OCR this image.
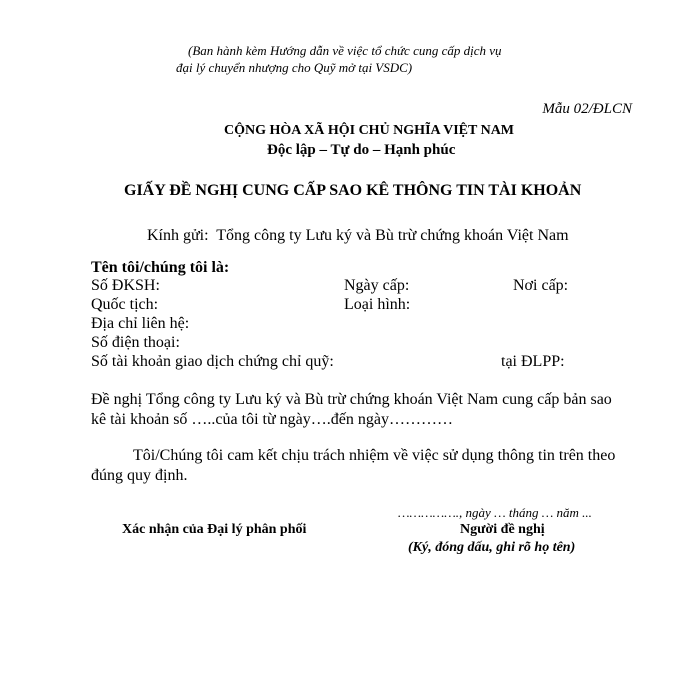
(Ban hành kèm Hướng dẫn về việc tổ chức cung cấp dịch vụ
đại lý chuyển nhượng cho Quỹ mở tại VSDC)
Mẫu 02/ĐLCN
CỘNG HÒA XÃ HỘI CHỦ NGHĨA VIỆT NAM
Độc lập – Tự do – Hạnh phúc
GIẤY ĐỀ NGHỊ CUNG CẤP SAO KÊ THÔNG TIN TÀI KHOẢN
Kính gửi: Tổng công ty Lưu ký và Bù trừ chứng khoán Việt Nam
Tên tôi/chúng tôi là:
Số ĐKSH:	Ngày cấp:	Nơi cấp:
Quốc tịch:	Loại hình:
Địa chỉ liên hệ:
Số điện thoại:
Số tài khoản giao dịch chứng chỉ quỹ:	tại ĐLPP:
Đề nghị Tổng công ty Lưu ký và Bù trừ chứng khoán Việt Nam cung cấp bản sao
kê tài khoản số …..của tôi từ ngày….đến ngày…………
Tôi/Chúng tôi cam kết chịu trách nhiệm về việc sử dụng thông tin trên theo
đúng quy định.
……………., ngày … tháng … năm ...
Xác nhận của Đại lý phân phối	Người đề nghị
(Ký, đóng dấu, ghi rõ họ tên)
